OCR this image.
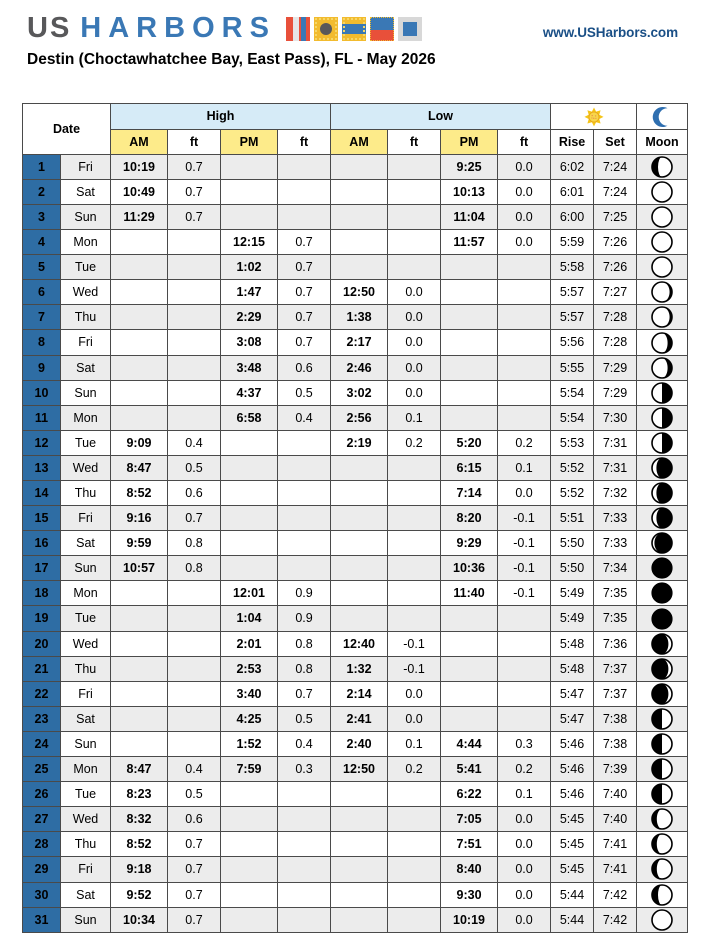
US HARBORS	www.USHarbors.com
Destin (Choctawhatchee Bay, East Pass), FL - May 2026
Date		High				Low		
		AM	ft	PM	ft	AM	ft	PM	ft	Rise	Set	Moon
1	Fri	10:19	0.7					9:25	0.0	6:02	7:24	

2	Sat	10:49	0.7					10:13	0.0	6:01	7:24	

3	Sun	11:29	0.7					11:04	0.0	6:00	7:25	

4	Mon			12:15	0.7			11:57	0.0	5:59	7:26	

5	Tue			1:02	0.7					5:58	7:26	

6	Wed			1:47	0.7	12:50	0.0			5:57	7:27	

7	Thu			2:29	0.7	1:38	0.0			5:57	7:28	

8	Fri			3:08	0.7	2:17	0.0			5:56	7:28	

9	Sat			3:48	0.6	2:46	0.0			5:55	7:29	

10	Sun			4:37	0.5	3:02	0.0			5:54	7:29	

11	Mon			6:58	0.4	2:56	0.1			5:54	7:30	

12	Tue	9:09	0.4			2:19	0.2	5:20	0.2	5:53	7:31	

13	Wed	8:47	0.5					6:15	0.1	5:52	7:31	

14	Thu	8:52	0.6					7:14	0.0	5:52	7:32	

15	Fri	9:16	0.7					8:20	-0.1	5:51	7:33	

16	Sat	9:59	0.8					9:29	-0.1	5:50	7:33	

17	Sun	10:57	0.8					10:36	-0.1	5:50	7:34	

18	Mon			12:01	0.9			11:40	-0.1	5:49	7:35	

19	Tue			1:04	0.9					5:49	7:35	

20	Wed			2:01	0.8	12:40	-0.1			5:48	7:36	

21	Thu			2:53	0.8	1:32	-0.1			5:48	7:37	

22	Fri			3:40	0.7	2:14	0.0			5:47	7:37	

23	Sat			4:25	0.5	2:41	0.0			5:47	7:38	

24	Sun			1:52	0.4	2:40	0.1	4:44	0.3	5:46	7:38	

25	Mon	8:47	0.4	7:59	0.3	12:50	0.2	5:41	0.2	5:46	7:39	

26	Tue	8:23	0.5					6:22	0.1	5:46	7:40	

27	Wed	8:32	0.6					7:05	0.0	5:45	7:40	

28	Thu	8:52	0.7					7:51	0.0	5:45	7:41	

29	Fri	9:18	0.7					8:40	0.0	5:45	7:41	

30	Sat	9:52	0.7					9:30	0.0	5:44	7:42	

31	Sun	10:34	0.7					10:19	0.0	5:44	7:42	
